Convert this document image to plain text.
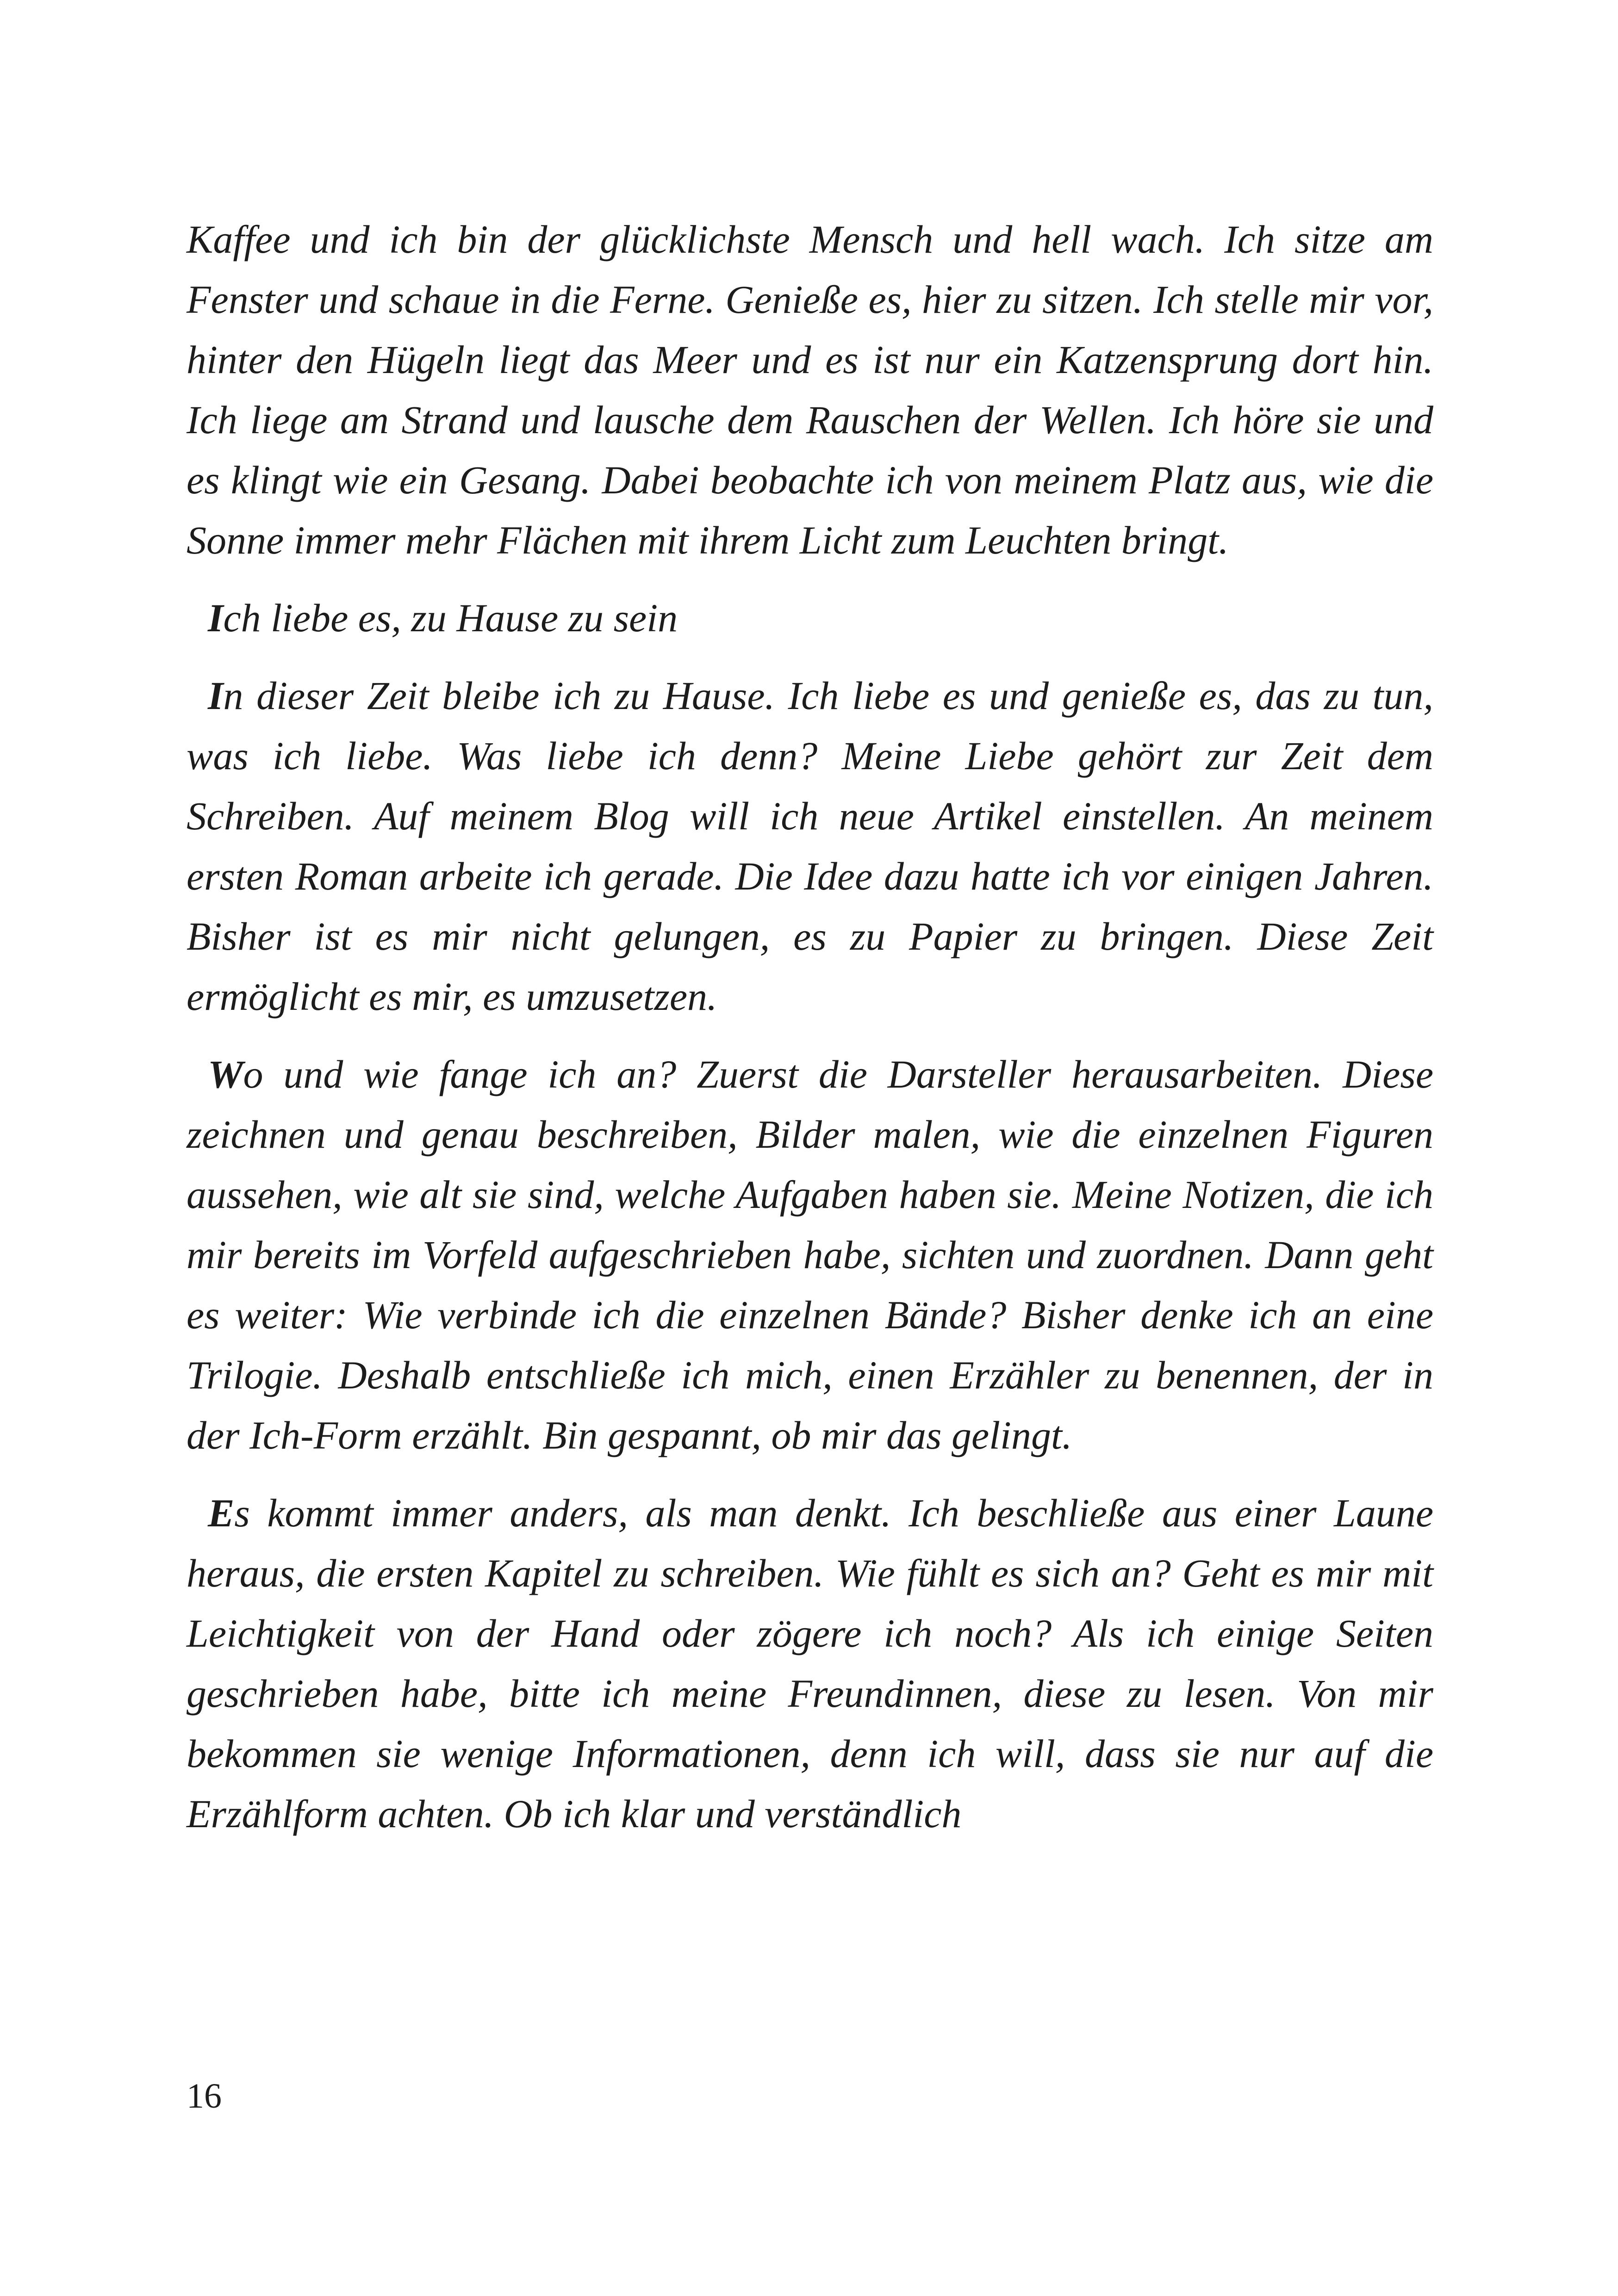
Kaffee und ich bin der glücklichste Mensch und hell wach. Ich sitze am Fenster und schaue in die Ferne. Genieße es, hier zu sitzen. Ich stelle mir vor, hinter den Hügeln liegt das Meer und es ist nur ein Katzensprung dort hin. Ich liege am Strand und lausche dem Rauschen der Wellen. Ich höre sie und es klingt wie ein Gesang. Dabei beobachte ich von meinem Platz aus, wie die Sonne immer mehr Flächen mit ihrem Licht zum Leuchten bringt.

Ich liebe es, zu Hause zu sein

In dieser Zeit bleibe ich zu Hause. Ich liebe es und genieße es, das zu tun, was ich liebe. Was liebe ich denn? Meine Liebe gehört zur Zeit dem Schreiben. Auf meinem Blog will ich neue Artikel einstellen. An meinem ersten Roman arbeite ich gerade. Die Idee dazu hatte ich vor einigen Jahren. Bisher ist es mir nicht gelungen, es zu Papier zu bringen. Diese Zeit ermöglicht es mir, es umzusetzen.

Wo und wie fange ich an? Zuerst die Darsteller herausarbeiten. Diese zeichnen und genau beschreiben, Bilder malen, wie die einzelnen Figuren aussehen, wie alt sie sind, welche Aufgaben haben sie. Meine Notizen, die ich mir bereits im Vorfeld aufgeschrieben habe, sichten und zuordnen. Dann geht es weiter: Wie verbinde ich die einzelnen Bände? Bisher denke ich an eine Trilogie. Deshalb entschließe ich mich, einen Erzähler zu benennen, der in der Ich-Form erzählt. Bin gespannt, ob mir das gelingt.

Es kommt immer anders, als man denkt. Ich beschließe aus einer Laune heraus, die ersten Kapitel zu schreiben. Wie fühlt es sich an? Geht es mir mit Leichtigkeit von der Hand oder zögere ich noch? Als ich einige Seiten geschrieben habe, bitte ich meine Freundinnen, diese zu lesen. Von mir bekommen sie wenige Informationen, denn ich will, dass sie nur auf die Erzählform achten. Ob ich klar und verständlich

16
